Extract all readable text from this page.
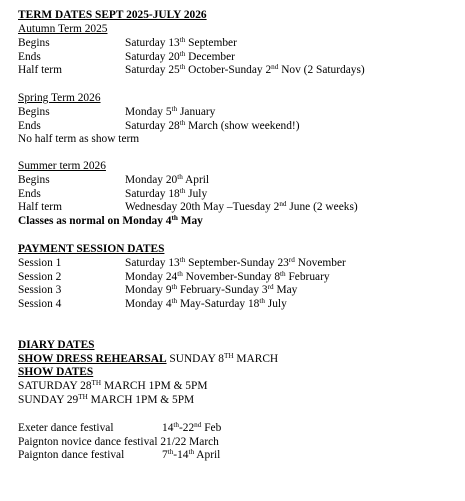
TERM DATES SEPT 2025-JULY 2026
Autumn Term 2025
Begins	Saturday 13th September
Ends	Saturday 20th December
Half term	Saturday 25th October-Sunday 2nd Nov (2 Saturdays)
Spring Term 2026
Begins	Monday 5th January
Ends	Saturday 28th March (show weekend!)
No half term as show term
Summer term 2026
Begins	Monday 20th April
Ends	Saturday 18th July
Half term	Wednesday 20th May –Tuesday 2nd June (2 weeks)
Classes as normal on Monday 4th May
PAYMENT SESSION DATES
Session 1	Saturday 13th September-Sunday 23rd November
Session 2	Monday 24th November-Sunday 8th February
Session 3	Monday 9th February-Sunday 3rd May
Session 4	Monday 4th May-Saturday 18th July
DIARY DATES
SHOW DRESS REHEARSAL SUNDAY 8TH MARCH
SHOW DATES
SATURDAY 28TH MARCH 1PM & 5PM
SUNDAY 29TH MARCH 1PM & 5PM
Exeter dance festival	14th-22nd Feb
Paignton novice dance festival 21/22 March
Paignton dance festival	7th-14th April
